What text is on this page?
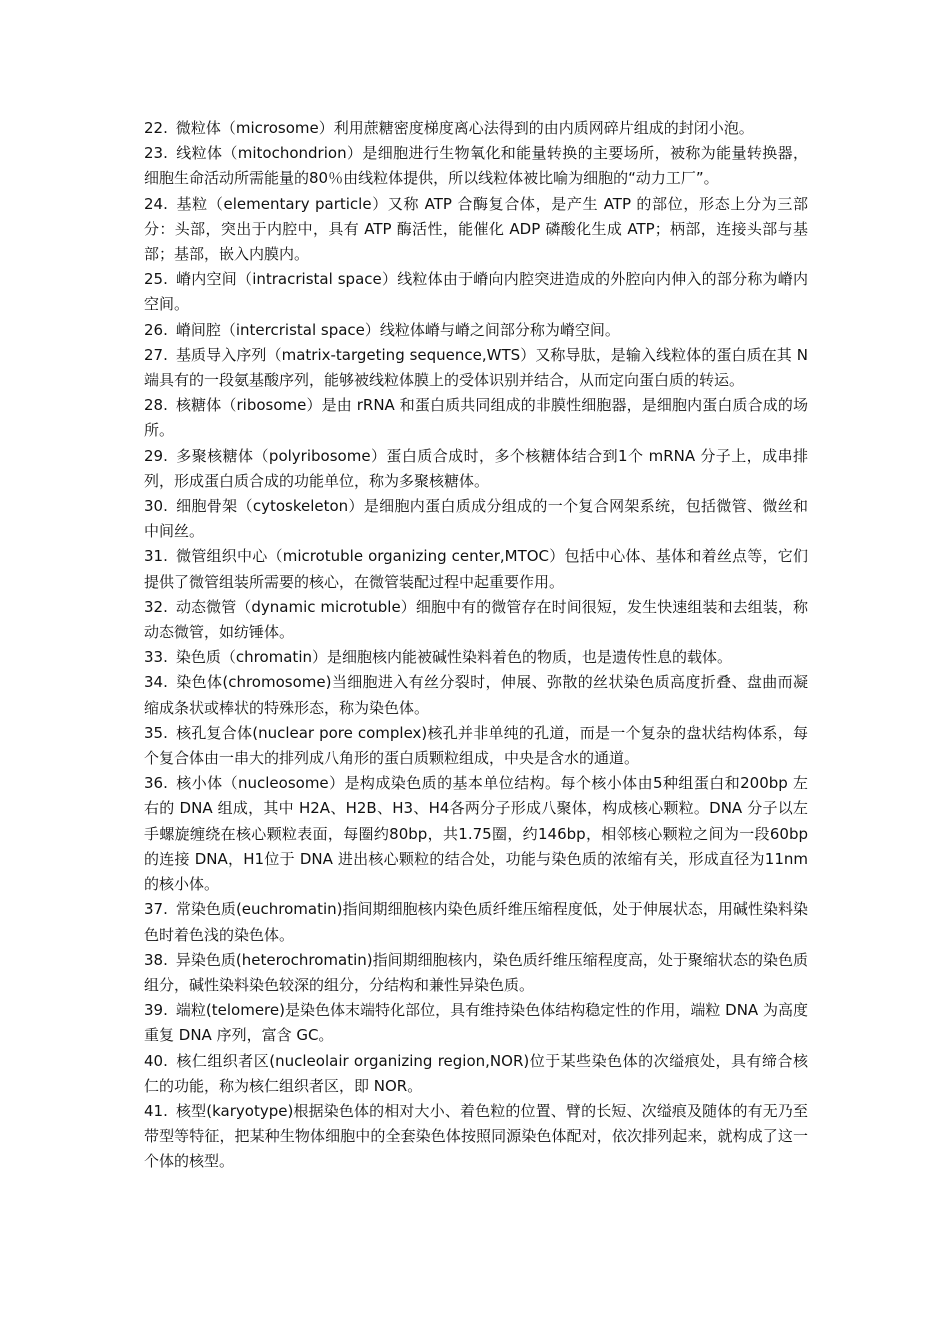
22. 微粒体（microsome）利用蔗糖密度梯度离心法得到的由内质网碎片组成的封闭小泡。

23. 线粒体（mitochondrion）是细胞进行生物氧化和能量转换的主要场所，被称为能量转换器，细胞生命活动所需能量的80％由线粒体提供，所以线粒体被比喻为细胞的“动力工厂”。

24. 基粒（elementary particle）又称 ATP 合酶复合体，是产生 ATP 的部位，形态上分为三部分：头部，突出于内腔中，具有 ATP 酶活性，能催化 ADP 磷酸化生成 ATP；柄部，连接头部与基部；基部，嵌入内膜内。

25. 嵴内空间（intracristal space）线粒体由于嵴向内腔突进造成的外腔向内伸入的部分称为嵴内空间。

26. 嵴间腔（intercristal space）线粒体嵴与嵴之间部分称为嵴空间。

27. 基质导入序列（matrix-targeting sequence,WTS）又称导肽，是输入线粒体的蛋白质在其 N 端具有的一段氨基酸序列，能够被线粒体膜上的受体识别并结合，从而定向蛋白质的转运。

28. 核糖体（ribosome）是由 rRNA 和蛋白质共同组成的非膜性细胞器，是细胞内蛋白质合成的场所。

29. 多聚核糖体（polyribosome）蛋白质合成时，多个核糖体结合到1个 mRNA 分子上，成串排列，形成蛋白质合成的功能单位，称为多聚核糖体。

30. 细胞骨架（cytoskeleton）是细胞内蛋白质成分组成的一个复合网架系统，包括微管、微丝和中间丝。

31. 微管组织中心（microtuble organizing center,MTOC）包括中心体、基体和着丝点等，它们提供了微管组装所需要的核心，在微管装配过程中起重要作用。

32. 动态微管（dynamic microtuble）细胞中有的微管存在时间很短，发生快速组装和去组装，称动态微管，如纺锤体。

33. 染色质（chromatin）是细胞核内能被碱性染料着色的物质，也是遗传性息的载体。

34. 染色体(chromosome)当细胞进入有丝分裂时，伸展、弥散的丝状染色质高度折叠、盘曲而凝缩成条状或棒状的特殊形态，称为染色体。

35. 核孔复合体(nuclear pore complex)核孔并非单纯的孔道，而是一个复杂的盘状结构体系，每个复合体由一串大的排列成八角形的蛋白质颗粒组成，中央是含水的通道。

36. 核小体（nucleosome）是构成染色质的基本单位结构。每个核小体由5种组蛋白和200bp 左右的 DNA 组成，其中 H2A、H2B、H3、H4各两分子形成八聚体，构成核心颗粒。DNA 分子以左手螺旋缠绕在核心颗粒表面，每圈约80bp，共1.75圈，约146bp，相邻核心颗粒之间为一段60bp 的连接 DNA，H1位于 DNA 进出核心颗粒的结合处，功能与染色质的浓缩有关，形成直径为11nm 的核小体。

37. 常染色质(euchromatin)指间期细胞核内染色质纤维压缩程度低，处于伸展状态，用碱性染料染色时着色浅的染色体。

38. 异染色质(heterochromatin)指间期细胞核内，染色质纤维压缩程度高，处于聚缩状态的染色质组分，碱性染料染色较深的组分，分结构和兼性异染色质。

39. 端粒(telomere)是染色体末端特化部位，具有维持染色体结构稳定性的作用，端粒 DNA 为高度重复 DNA 序列，富含 GC。

40. 核仁组织者区(nucleolair organizing region,NOR)位于某些染色体的次缢痕处，具有缔合核仁的功能，称为核仁组织者区，即 NOR。

41. 核型(karyotype)根据染色体的相对大小、着色粒的位置、臂的长短、次缢痕及随体的有无乃至带型等特征，把某种生物体细胞中的全套染色体按照同源染色体配对，依次排列起来，就构成了这一个体的核型。
